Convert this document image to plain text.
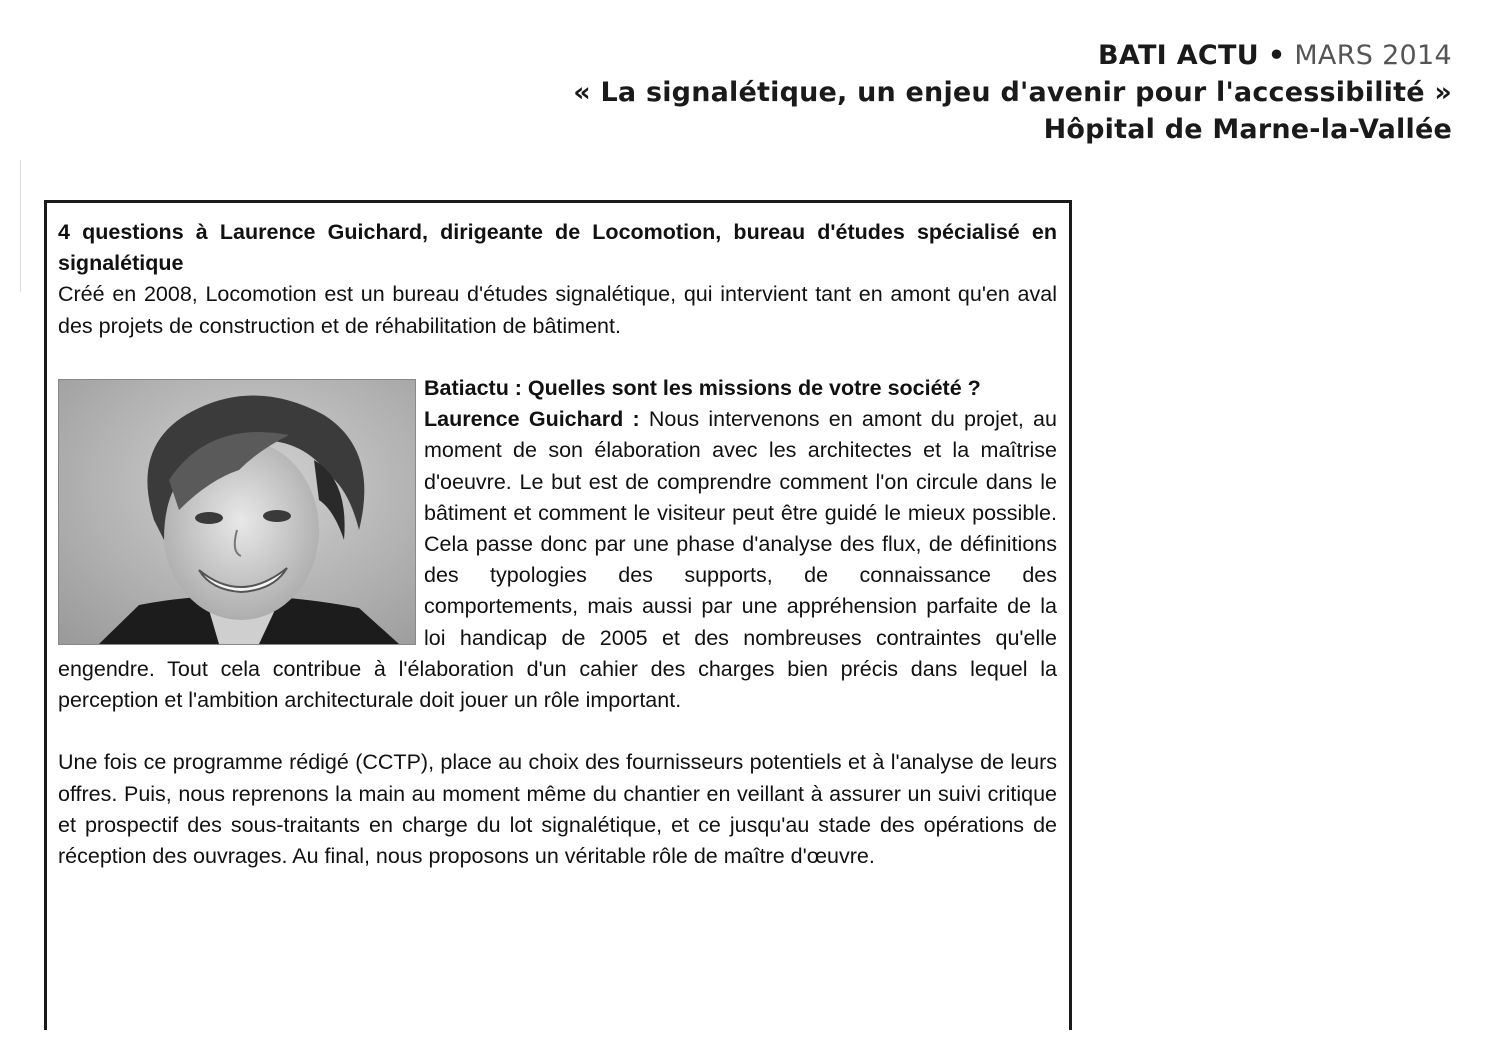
BATI ACTU • MARS 2014
« La signalétique, un enjeu d'avenir pour l'accessibilité »
Hôpital de Marne-la-Vallée

4 questions à Laurence Guichard, dirigeante de Locomotion, bureau d'études spécialisé en signalétique

Créé en 2008, Locomotion est un bureau d'études signalétique, qui intervient tant en amont qu'en aval des projets de construction et de réhabilitation de bâtiment.

Batiactu : Quelles sont les missions de votre société ?
Laurence Guichard : Nous intervenons en amont du projet, au moment de son élaboration avec les architectes et la maîtrise d'oeuvre. Le but est de comprendre comment l'on circule dans le bâtiment et comment le visiteur peut être guidé le mieux possible. Cela passe donc par une phase d'analyse des flux, de définitions des typologies des supports, de connaissance des comportements, mais aussi par une appréhension parfaite de la loi handicap de 2005 et des nombreuses contraintes qu'elle engendre. Tout cela contribue à l'élaboration d'un cahier des charges bien précis dans lequel la perception et l'ambition architecturale doit jouer un rôle important.

Une fois ce programme rédigé (CCTP), place au choix des fournisseurs potentiels et à l'analyse de leurs offres. Puis, nous reprenons la main au moment même du chantier en veillant à assurer un suivi critique et prospectif des sous-traitants en charge du lot signalétique, et ce jusqu'au stade des opérations de réception des ouvrages. Au final, nous proposons un véritable rôle de maître d'œuvre.
